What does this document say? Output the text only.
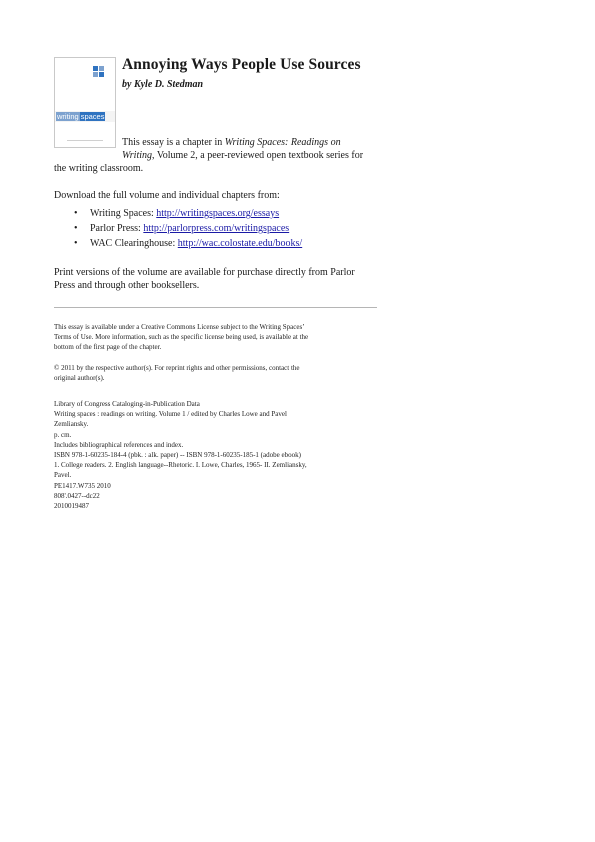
writing spaces
Annoying Ways People Use Sources
by Kyle D. Stedman
This essay is a chapter in Writing Spaces: Readings on
Writing, Volume 2, a peer-reviewed open textbook series for
the writing classroom.
Download the full volume and individual chapters from:
• Writing Spaces: http://writingspaces.org/essays
• Parlor Press: http://parlorpress.com/writingspaces
• WAC Clearinghouse: http://wac.colostate.edu/books/
Print versions of the volume are available for purchase directly from Parlor
Press and through other booksellers.
This essay is available under a Creative Commons License subject to the Writing Spaces’
Terms of Use. More information, such as the specific license being used, is available at the
bottom of the first page of the chapter.
© 2011 by the respective author(s). For reprint rights and other permissions, contact the
original author(s).
Library of Congress Cataloging-in-Publication Data
Writing spaces : readings on writing. Volume 1 / edited by Charles Lowe and Pavel
Zemliansky.
p. cm.
Includes bibliographical references and index.
ISBN 978-1-60235-184-4 (pbk. : alk. paper) -- ISBN 978-1-60235-185-1 (adobe ebook)
1. College readers. 2. English language--Rhetoric. I. Lowe, Charles, 1965- II. Zemliansky,
Pavel.
PE1417.W735 2010
808'.0427--dc22
2010019487
